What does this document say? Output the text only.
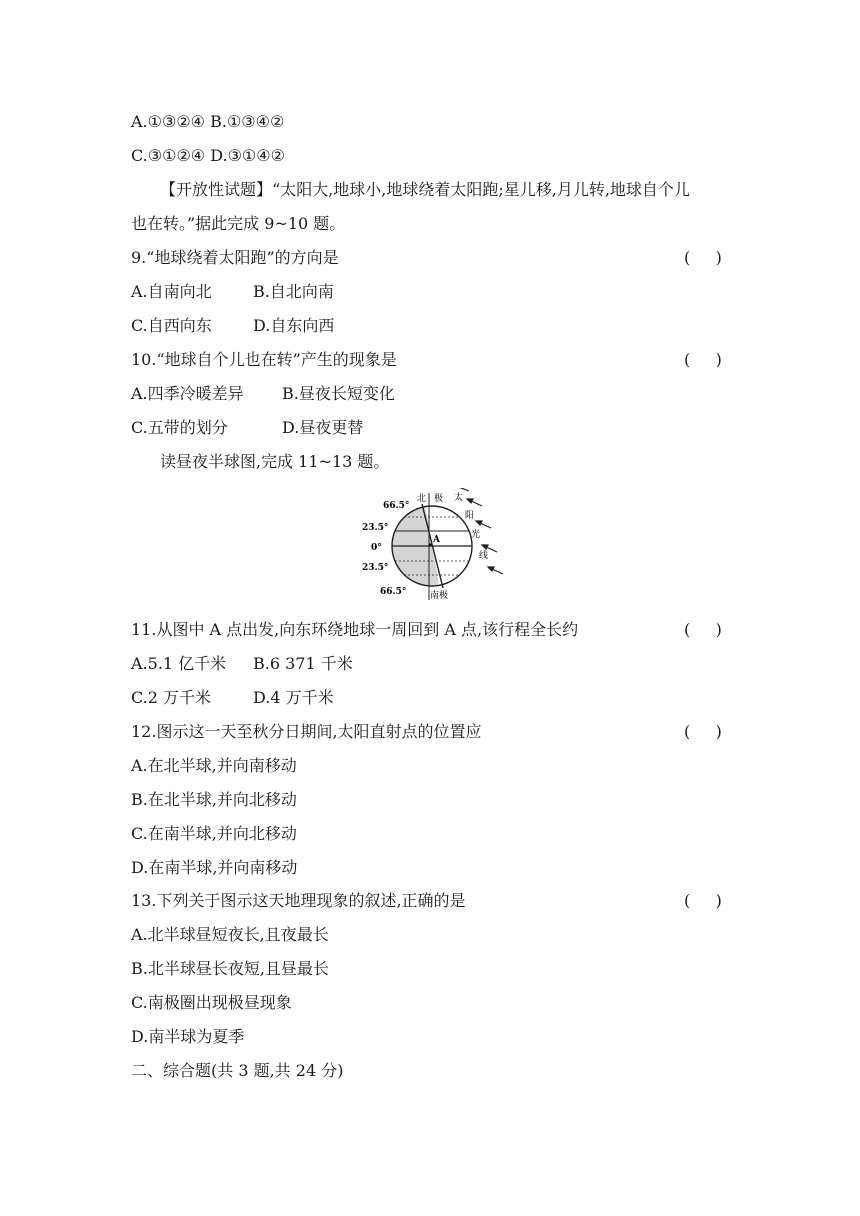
A.①③②④ B.①③④②
C.③①②④ D.③①④②
【开放性试题】“太阳大,地球小,地球绕着太阳跑;星儿移,月儿转,地球自个儿
也在转。”据此完成 9~10 题。
9.“地球绕着太阳跑”的方向是	(     )
A.自南向北	B.自北向南
C.自西向东	D.自东向西
10.“地球自个儿也在转”产生的现象是	(     )
A.四季冷暖差异 B.昼夜长短变化
C.五带的划分	D.昼夜更替
读昼夜半球图,完成 11~13 题。
A
66.5°
23.5°
0°
23.5°
66.5°
北 极
南极
太
阳
光
线
11.从图中 A 点出发,向东环绕地球一周回到 A 点,该行程全长约	(     )
A.5.1 亿千米 B.6 371 千米
C.2 万千米	D.4 万千米
12.图示这一天至秋分日期间,太阳直射点的位置应	(     )
A.在北半球,并向南移动
B.在北半球,并向北移动
C.在南半球,并向北移动
D.在南半球,并向南移动
13.下列关于图示这天地理现象的叙述,正确的是	(     )
A.北半球昼短夜长,且夜最长
B.北半球昼长夜短,且昼最长
C.南极圈出现极昼现象
D.南半球为夏季
二、综合题(共 3 题,共 24 分)
